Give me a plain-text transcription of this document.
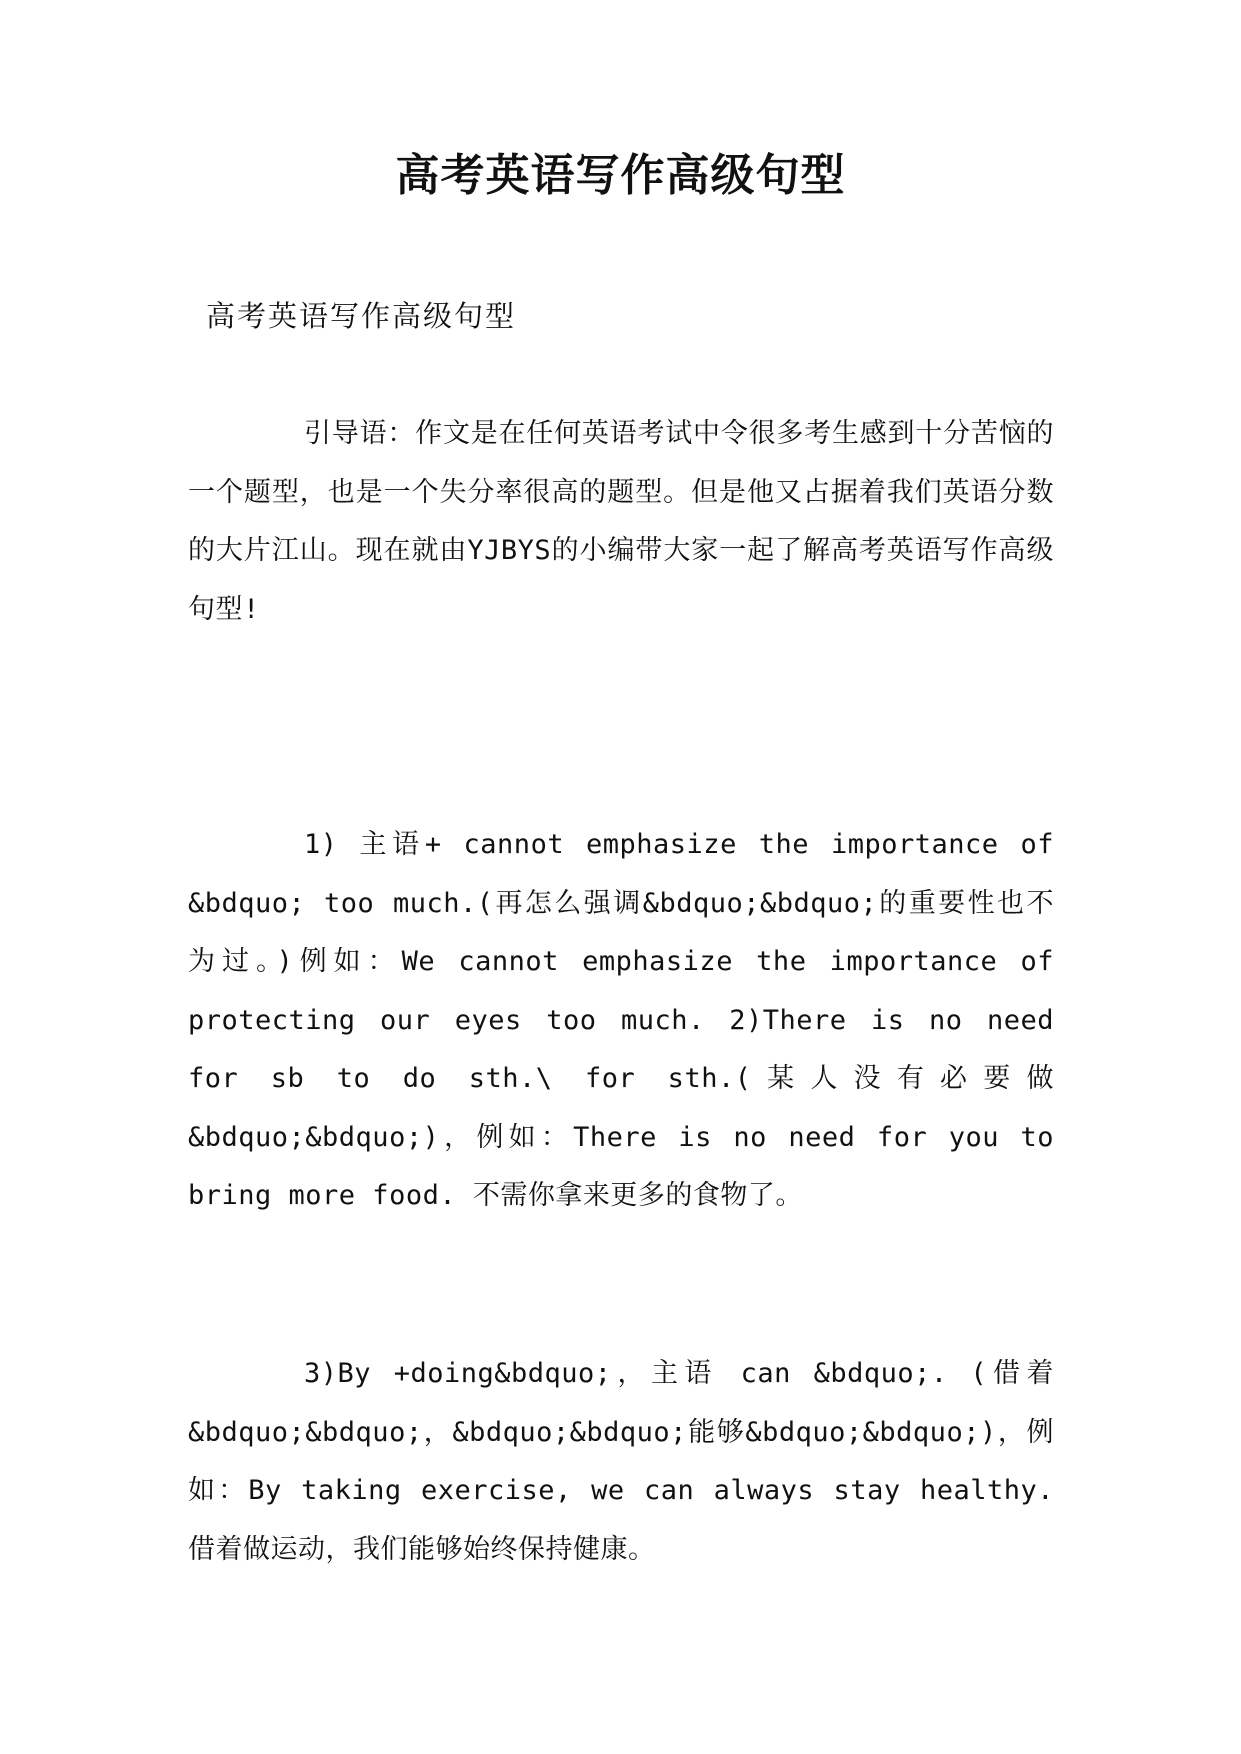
高考英语写作高级句型

高考英语写作高级句型

引导语：作文是在任何英语考试中令很多考生感到十分苦恼的一个题型，也是一个失分率很高的题型。但是他又占据着我们英语分数的大片江山。现在就由YJBYS的小编带大家一起了解高考英语写作高级句型!

1) 主语+ cannot emphasize the importance of &bdquo; too much.(再怎么强调&bdquo;&bdquo;的重要性也不为过。)例如：We cannot emphasize the importance of protecting our eyes too much. 2)There is no need for sb to do sth.\ for sth.(某人没有必要做&bdquo;&bdquo;)，例如：There is no need for you to bring more food. 不需你拿来更多的食物了。

3)By +doing&bdquo;，主语 can &bdquo;. (借着&bdquo;&bdquo;，&bdquo;&bdquo;能够&bdquo;&bdquo;)，例如：By taking exercise, we can always stay healthy. 借着做运动，我们能够始终保持健康。
